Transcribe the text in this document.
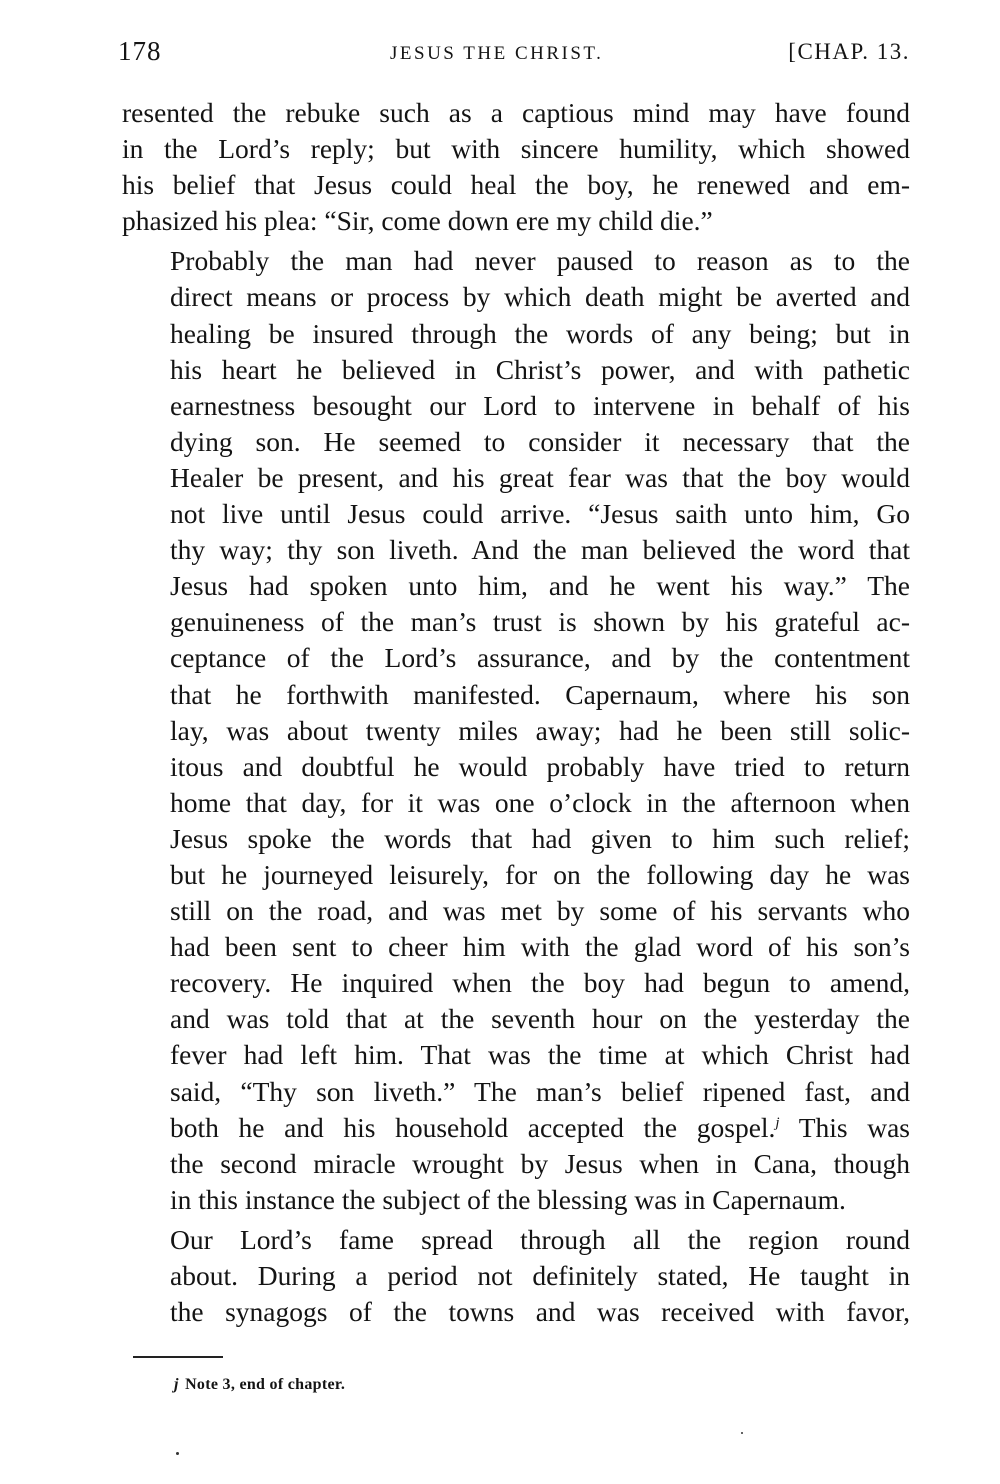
178	JESUS THE CHRIST.	[CHAP. 13.

resented the rebuke such as a captious mind may have found
in the Lord’s reply; but with sincere humility, which showed
his belief that Jesus could heal the boy, he renewed and em-
phasized his plea: “Sir, come down ere my child die.”

Probably the man had never paused to reason as to the
direct means or process by which death might be averted and
healing be insured through the words of any being; but in
his heart he believed in Christ’s power, and with pathetic
earnestness besought our Lord to intervene in behalf of his
dying son. He seemed to consider it necessary that the
Healer be present, and his great fear was that the boy would
not live until Jesus could arrive. “Jesus saith unto him, Go
thy way; thy son liveth. And the man believed the word that
Jesus had spoken unto him, and he went his way.” The
genuineness of the man’s trust is shown by his grateful ac-
ceptance of the Lord’s assurance, and by the contentment
that he forthwith manifested. Capernaum, where his son
lay, was about twenty miles away; had he been still solic-
itous and doubtful he would probably have tried to return
home that day, for it was one o’clock in the afternoon when
Jesus spoke the words that had given to him such relief;
but he journeyed leisurely, for on the following day he was
still on the road, and was met by some of his servants who
had been sent to cheer him with the glad word of his son’s
recovery. He inquired when the boy had begun to amend,
and was told that at the seventh hour on the yesterday the
fever had left him. That was the time at which Christ had
said, “Thy son liveth.” The man’s belief ripened fast, and
both he and his household accepted the gospel.$^j$ This was
the second miracle wrought by Jesus when in Cana, though
in this instance the subject of the blessing was in Capernaum.

Our Lord’s fame spread through all the region round
about. During a period not definitely stated, He taught in
the synagogs of the towns and was received with favor,

j Note 3, end of chapter.
